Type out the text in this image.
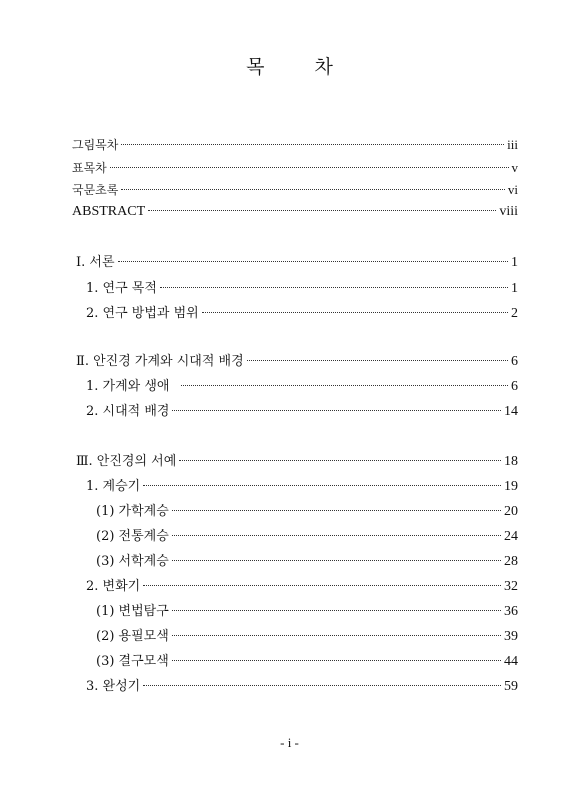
목	차
그림목차	iii
표목차	v
국문초록	vi
ABSTRACT	viii
Ⅰ. 서론	1
1. 연구 목적	1
2. 연구 방법과 범위	2
Ⅱ. 안진경 가계와 시대적 배경	6
1. 가계와 생애	6
2. 시대적 배경	14
Ⅲ. 안진경의 서예	18
1. 계승기	19
(1) 가학계승	20
(2) 전통계승	24
(3) 서학계승	28
2. 변화기	32
(1) 변법탐구	36
(2) 용필모색	39
(3) 결구모색	44
3. 완성기	59
- i -
